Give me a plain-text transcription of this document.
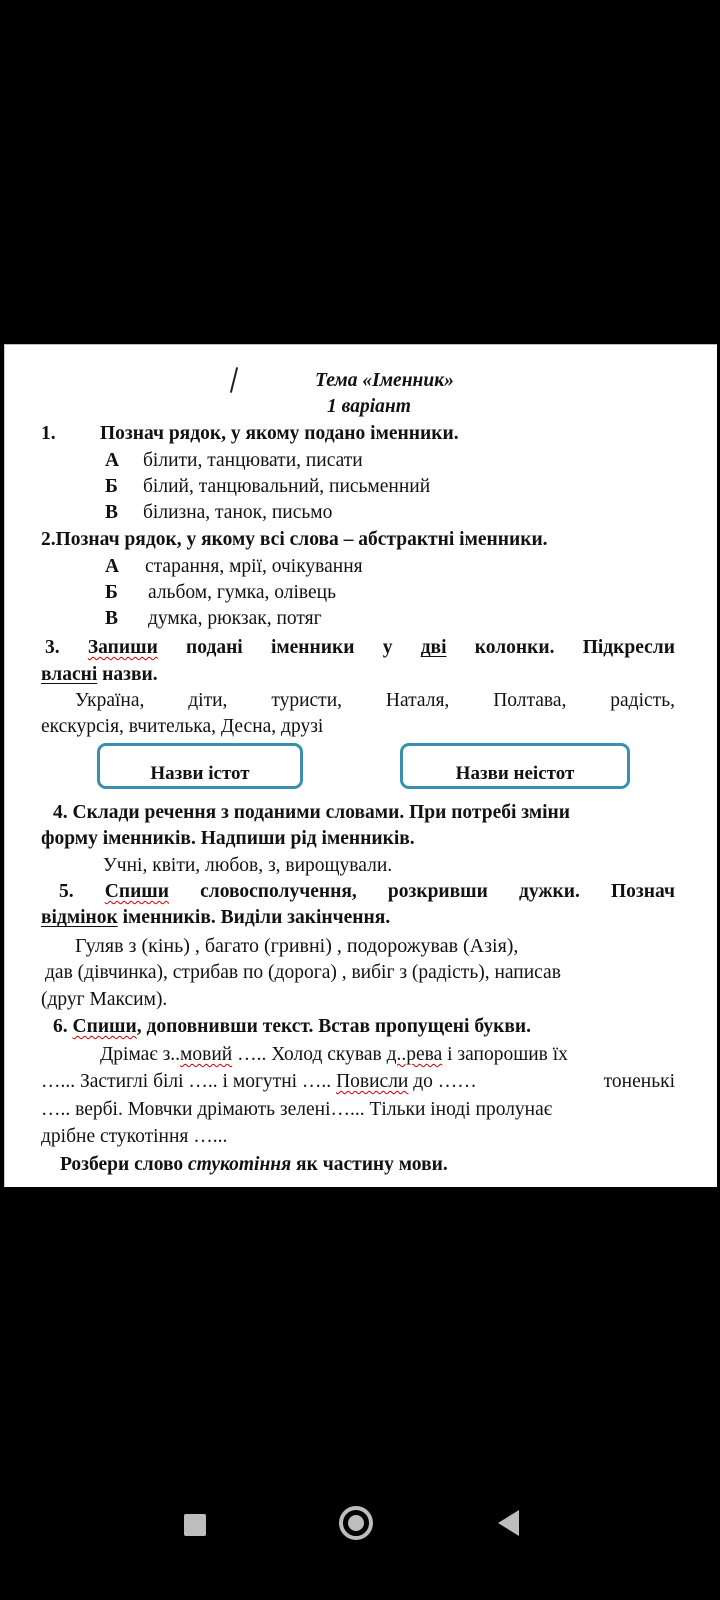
Тема «Іменник»
1 варіант
1. Познач рядок, у якому подано іменники.
А білити, танцювати, писати
Б білий, танцювальний, письменний
В білизна, танок, письмо
2.Познач рядок, у якому всі слова – абстрактні іменники.
А старання, мрії, очікування
Б альбом, гумка, олівець
В думка, рюкзак, потяг
3. Запиши подані іменники у дві колонки. Підкресли
власні назви.
Україна, діти, туристи, Наталя, Полтава, радість,
екскурсія, вчителька, Десна, друзі
Назви істот	Назви неістот
4. Склади речення з поданими словами. При потребі зміни
форму іменників. Надпиши рід іменників.
Учні, квіти, любов, з, вирощували.
5. Спиши словосполучення, розкривши дужки. Познач
відмінок іменників. Виділи закінчення.
Гуляв з (кінь) , багато (гривні) , подорожував (Азія),
дав (дівчинка), стрибав по (дорога) , вибіг з (радість), написав
(друг Максим).
6. Спиши, доповнивши текст. Встав пропущені букви.
Дрімає з..мовий ….. Холод скував д..рева і запорошив їх
…... Застиглі білі ….. і могутні ….. Повисли до ……	тоненькі
….. вербі. Мовчки дрімають зелені…... Тільки іноді пролунає
дрібне стукотіння …...
Розбери слово стукотіння як частину мови.
